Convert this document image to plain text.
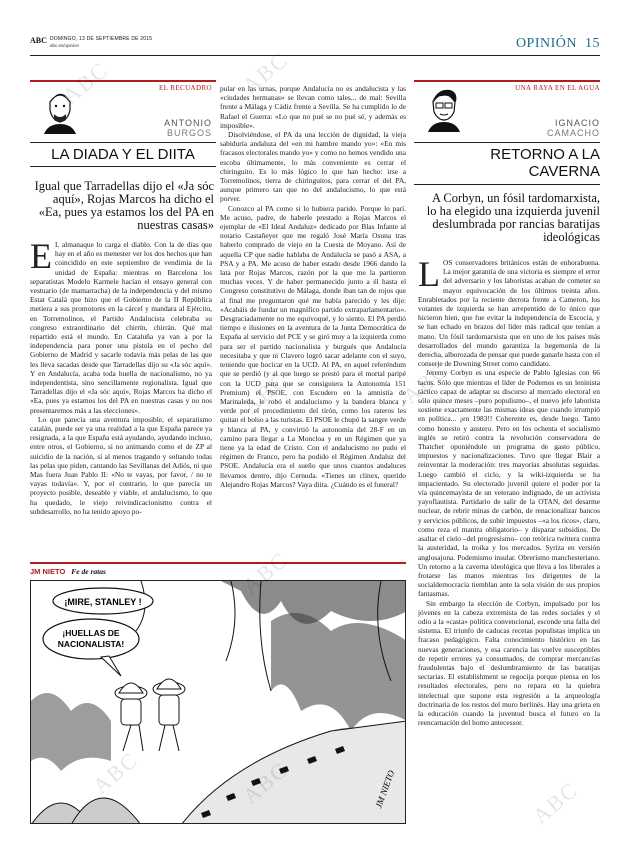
ABC DOMINGO, 13 DE SEPTIEMBRE DE 2015
abc.es/opinion	OPINIÓN 15
EL RECUADRO
ANTONIO
BURGOS
LA DIADA Y EL DIITA
Igual que Tarradellas dijo el «Ja sóc aquí», Rojas Marcos ha dicho el «Ea, pues ya estamos los del PA en nuestras casas»
E L almanaque lo carga el diablo. Con la de días que hay en el año es menester ver los dos hechos que han coincidido en este septiembre de vendimia de la unidad de España: mientras en Barcelona los separatistas Modelo Karmele hacían el ensayo general con vestuario (de mamarracha) de la independencia y del mismo Estat Catalá que hizo que el Gobierno de la II República metiera a sus promotores en la cárcel y mandara al Ejército, en Torremolinos, el Partido Andalucista celebraba su congreso extraordinario del chirrín, chirrán. Qué mal repartido está el mundo. En Cataluña ya van a por la independencia para poner una pistola en el pecho del Gobierno de Madrid y sacarle todavía más pelas de las que les lleva sacadas desde que Tarradellas dijo su «Ja sóc aquí». Y en Andalucía, acaba toda huella de nacionalismo, no ya independentista, sino sencillamente regionalista. Igual que Tarradellas dijo el «Ja sóc aquí», Rojas Marcos ha dicho el «Ea, pues ya estamos los del PA en nuestras casas y no nos presentaremos más a las elecciones».

Lo que parecía una aventura imposible, el separatismo catalán, puede ser ya una realidad a la que España parece ya resignada, a la que España está ayudando, ayudando incluso, entre otros, el Gobierno, si no animando como el de ZP al suicidio de la nación, sí al menos tragando y soltando todas las pelas que piden, cantando las Sevillanas del Adiós, ni que Mas fuera Juan Pablo II: «No te vayas, por favor, / no te vayas todavía». Y, por el contrario, lo que parecía un proyecto posible, deseable y viable, el andalucismo, lo que ha quedado, le viejo reivindicacionismo contra el subdesarrollo, no ha tenido apoyo po-

pular en las urnas, porque Andalucía no es andalucista y las «ciudades hermanas» se llevan como tales... de mal: Sevilla frente a Málaga y Cádiz frente a Sevilla. Se ha cumplido lo de Rafael el Guerra: «Lo que no pué se no pué sé, y además es imposible».

Disolviéndose, el PA da una lección de dignidad, la vieja sabiduría andaluza del «en mi hambre mando yo»: «En mis fracasos electorales mando yo» y como no hemos vendido una escoba últimamente, lo más conveniente es cerrar el chiringuito. Es lo más lógico lo que han hecho: irse a Torremolinos, tierra de chiringuitos, para cerrar el del PA, aunque primero tan que no del andalucismo, lo que está porver.

Conozco al PA como si lo hubiera parido. Porque lo parí. Me acuso, padre, de haberle prestado a Rojas Marcos el ejemplar de «El Ideal Andaluz» dedicado por Blas Infante al notario Castañeyer que me regaló José María Osuna tras haberlo comprado de viejo en la Cuesta de Moyano. Así de aquella CP que nadie hablaba de Andalucía se pasó a ASA, a PSA y a PA. Me acuso de haber estado desde 1966 dando la lata por Rojas Marcos, razón por la que me la partieron muchas veces. Y de haber permanecido junto a él hasta el Congreso constitutivo de Málaga, donde iban tan de rojos que al final me preguntaron qué me había parecido y les dije: «Acabáis de fundar un magnífico partido extraparlamentario». Desgraciadamente no me equivoqué, y lo siento. El PA perdió tiempo e ilusiones en la aventura de la Junta Democrática de España al servicio del PCE y se giró muy a la izquierda como para ser el partido nacionalista y burgués que Andalucía necesitaba y que ni Clavero logró sacar adelante con el suyo, teniendo que hocicar en la UCD. Al PA, en aquel referéndum que se perdió (y al que luego se prestó para el mortal paripé con la UCD para que se consiguiera la Autonomía 151 Premium) el PSOE, con Escudero en la amnistía de Marinaleda, le robó el andalucismo y la bandera blanca y verde por el procedimiento del tirón, como los rateros les quitan el bolso a las turistas. El PSOE le chupó la sangre verde y blanca al PA, y convirtió la autonomía del 28-F en un camino para llegar a La Moncloa y en un Régimen que ya tiene ya la edad de Cristo. Con el andalucismo no pudo el régimen de Franco, pero ha podido el Régimen Andaluz del PSOE. Andalucía era el sueño que unos cuantos andaluces llevamos dentro, dijo Cernuda. «Tienes un clínex, querido Alejandro Rojas Marcos? Vaya diita. ¿Cuándo es el funeral?

JM NIETO Fe de ratas
¡MIRE, STANLEY !
¡HUELLAS DE
NACIONALISTA!
JM NIETO
UNA RAYA EN EL AGUA
IGNACIO
CAMACHO
RETORNO A LA
CAVERNA
A Corbyn, un fósil tardomarxista, lo ha elegido una izquierda juvenil deslumbrada por rancias baratijas ideológicas
L OS conservadores británicos están de enhorabuena. La mejor garantía de una victoria es siempre el error del adversario y los laboristas acaban de cometer su mayor equivocación de los últimos treinta años. Enrabietados por la reciente derrota frente a Cameron, los votantes de izquierda se han arrepentido de lo único que hicieron bien, que fue evitar la independencia de Escocia, y se han echado en brazos del líder más radical que tenían a mano. Un fósil tardomarxista que en uno de los países más desarrollados del mundo garantiza la hegemonía de la derecha, alborozada de pensar que puede ganarle hasta con el conserje de Downing Street como candidato.

Jeremy Corbyn es una especie de Pablo Iglesias con 66 tacos. Sólo que mientras el líder de Podemos es un leninista táctico capaz de adaptar su discurso al mercado electoral en sólo quince meses –puro populismo–, el nuevo jefe laborista sostiene exactamente las mismas ideas que cuando irrumpió en política... ¡en 1983!! Coherente es, desde luego. Tanto como honesto y austero. Pero en los ochenta el socialismo inglés se retiró contra la revolución conservadora de Thatcher oponiéndole un programa de gasto público, impuestos y nacionalizaciones. Tuvo que llegar Blair a reinventar la moderación: tres mayorías absolutas seguidas. Luego cambió el ciclo, y la wiki-izquierda se ha impacientado. Su electorado juvenil quiere el poder por la vía quincemayista de un veterano indignado, de un activista yayoflautista. Partidario de salir de la OTAN, del desarme nuclear, de rebrir minas de carbón, de renacionalizar bancos y servicios públicos, de subir impuestos –«a los ricos», claro, como reza el mantra obligatorio– y disparar subsidios. De asaltar el cielo –del progresismo– con retórica twittera contra la austeridad, la troika y los mercados. Syriza en versión anglosajona. Podemismo insular. Obrerismo manchesteriano. Un retorno a la caverna ideológica que lleva a los liberales a frotarse las manos mientras los dirigentes de la socialdemocracia tiemblan ante la sola visión de sus propios fantasmas.

Sin embargo la elección de Corbyn, impulsado por los jóvenes en la cabeza extremista de las redes sociales y el odio a la «casta» política convencional, esconde una falla del sistema. El triunfo de caducas recetas populistas implica un fracaso pedagógico. Falta conocimiento histórico en las nuevas generaciones, y esa carencia las vuelve susceptibles de repetir errores ya consumados, de comprar mercancías fraudulentas bajo el deslumbramiento de las baratijas sectarias. El establishment se regocija porque piensa en los resultados electorales, pero no repara en la quiebra intelectual que supone esta regresión a la arqueología doctrinaria de los restos del muro berlinés. Hay una grieta en la educación cuando la juventud busca el futuro en la reencarnación del homo antecessor.

ABC	ABC
ABC	ABC
ABC
ABC
